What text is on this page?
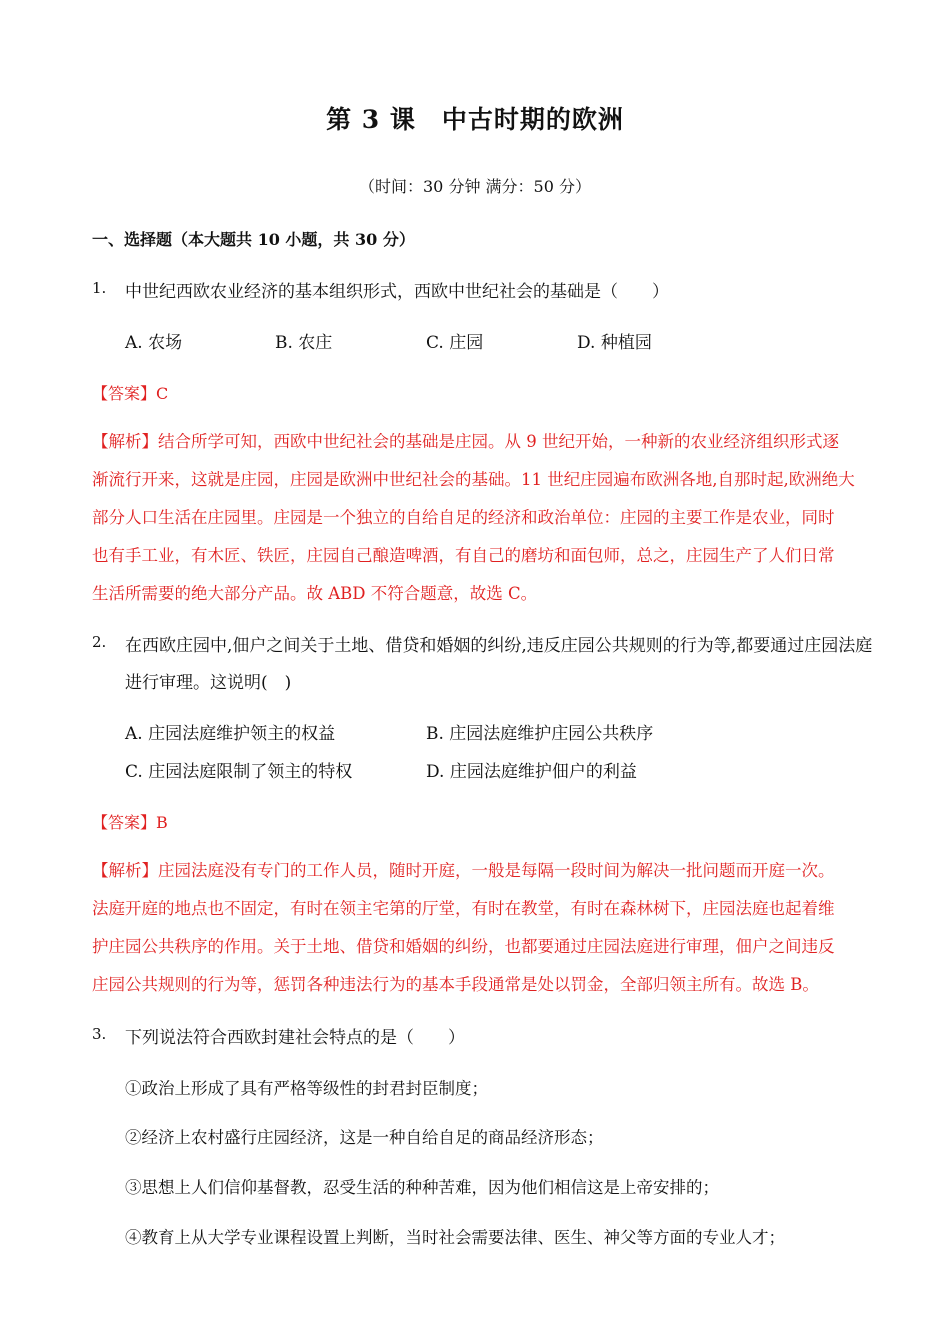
第 3 课　中古时期的欧洲
（时间：30 分钟 满分：50 分）
一、选择题（本大题共 10 小题，共 30 分）
1. 中世纪西欧农业经济的基本组织形式，西欧中世纪社会的基础是（　　）
A. 农场	B. 农庄	C. 庄园	D. 种植园
【答案】C

【解析】结合所学可知，西欧中世纪社会的基础是庄园。从 9 世纪开始，一种新的农业经济组织形式逐

渐流行开来，这就是庄园，庄园是欧洲中世纪社会的基础。11 世纪庄园遍布欧洲各地,自那时起,欧洲绝大

部分人口生活在庄园里。庄园是一个独立的自给自足的经济和政治单位：庄园的主要工作是农业，同时

也有手工业，有木匠、铁匠，庄园自己酿造啤酒，有自己的磨坊和面包师，总之，庄园生产了人们日常

生活所需要的绝大部分产品。故 ABD 不符合题意，故选 C。

2. 在西欧庄园中,佃户之间关于土地、借贷和婚姻的纠纷,违反庄园公共规则的行为等,都要通过庄园法庭
进行审理。这说明(　)
A. 庄园法庭维护领主的权益	B. 庄园法庭维护庄园公共秩序
C. 庄园法庭限制了领主的特权	D. 庄园法庭维护佃户的利益
【答案】B

【解析】庄园法庭没有专门的工作人员，随时开庭，一般是每隔一段时间为解决一批问题而开庭一次。

法庭开庭的地点也不固定，有时在领主宅第的厅堂，有时在教堂，有时在森林树下，庄园法庭也起着维

护庄园公共秩序的作用。关于土地、借贷和婚姻的纠纷，也都要通过庄园法庭进行审理，佃户之间违反

庄园公共规则的行为等，惩罚各种违法行为的基本手段通常是处以罚金，全部归领主所有。故选 B。

3. 下列说法符合西欧封建社会特点的是（　　）
①政治上形成了具有严格等级性的封君封臣制度；
②经济上农村盛行庄园经济，这是一种自给自足的商品经济形态；
③思想上人们信仰基督教，忍受生活的种种苦难，因为他们相信这是上帝安排的；
④教育上从大学专业课程设置上判断，当时社会需要法律、医生、神父等方面的专业人才；
